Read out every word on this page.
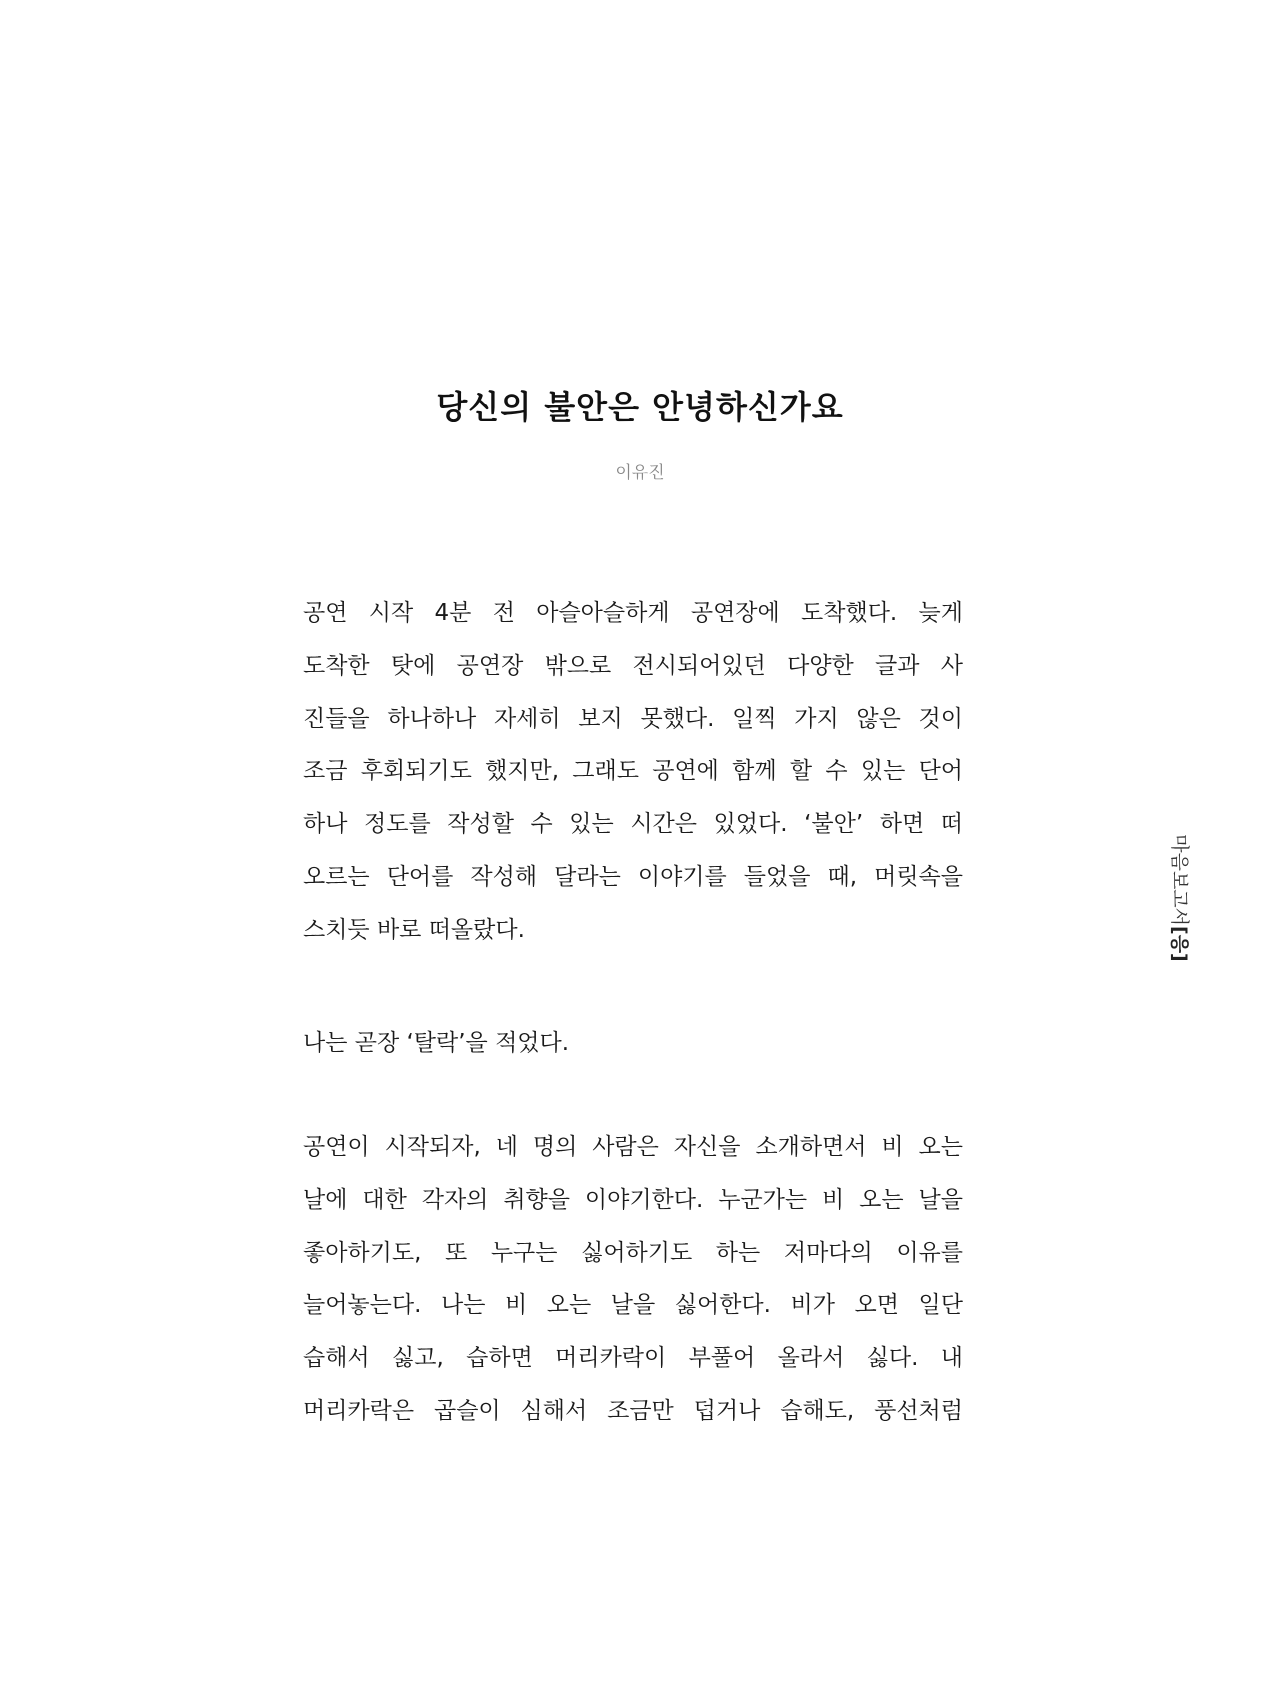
당신의 불안은 안녕하신가요
이유진
공연 시작 4분 전 아슬아슬하게 공연장에 도착했다. 늦게
도착한 탓에 공연장 밖으로 전시되어있던 다양한 글과 사
진들을 하나하나 자세히 보지 못했다. 일찍 가지 않은 것이
조금 후회되기도 했지만, 그래도 공연에 함께 할 수 있는 단어
하나 정도를 작성할 수 있는 시간은 있었다. ‘불안’ 하면 떠
오르는 단어를 작성해 달라는 이야기를 들었을 때, 머릿속을
스치듯 바로 떠올랐다.
나는 곧장 ‘탈락’을 적었다.
공연이 시작되자, 네 명의 사람은 자신을 소개하면서 비 오는
날에 대한 각자의 취향을 이야기한다. 누군가는 비 오는 날을
좋아하기도, 또 누구는 싫어하기도 하는 저마다의 이유를
늘어놓는다. 나는 비 오는 날을 싫어한다. 비가 오면 일단
습해서 싫고, 습하면 머리카락이 부풀어 올라서 싫다. 내
머리카락은 곱슬이 심해서 조금만 덥거나 습해도, 풍선처럼
마음보고서[응]
